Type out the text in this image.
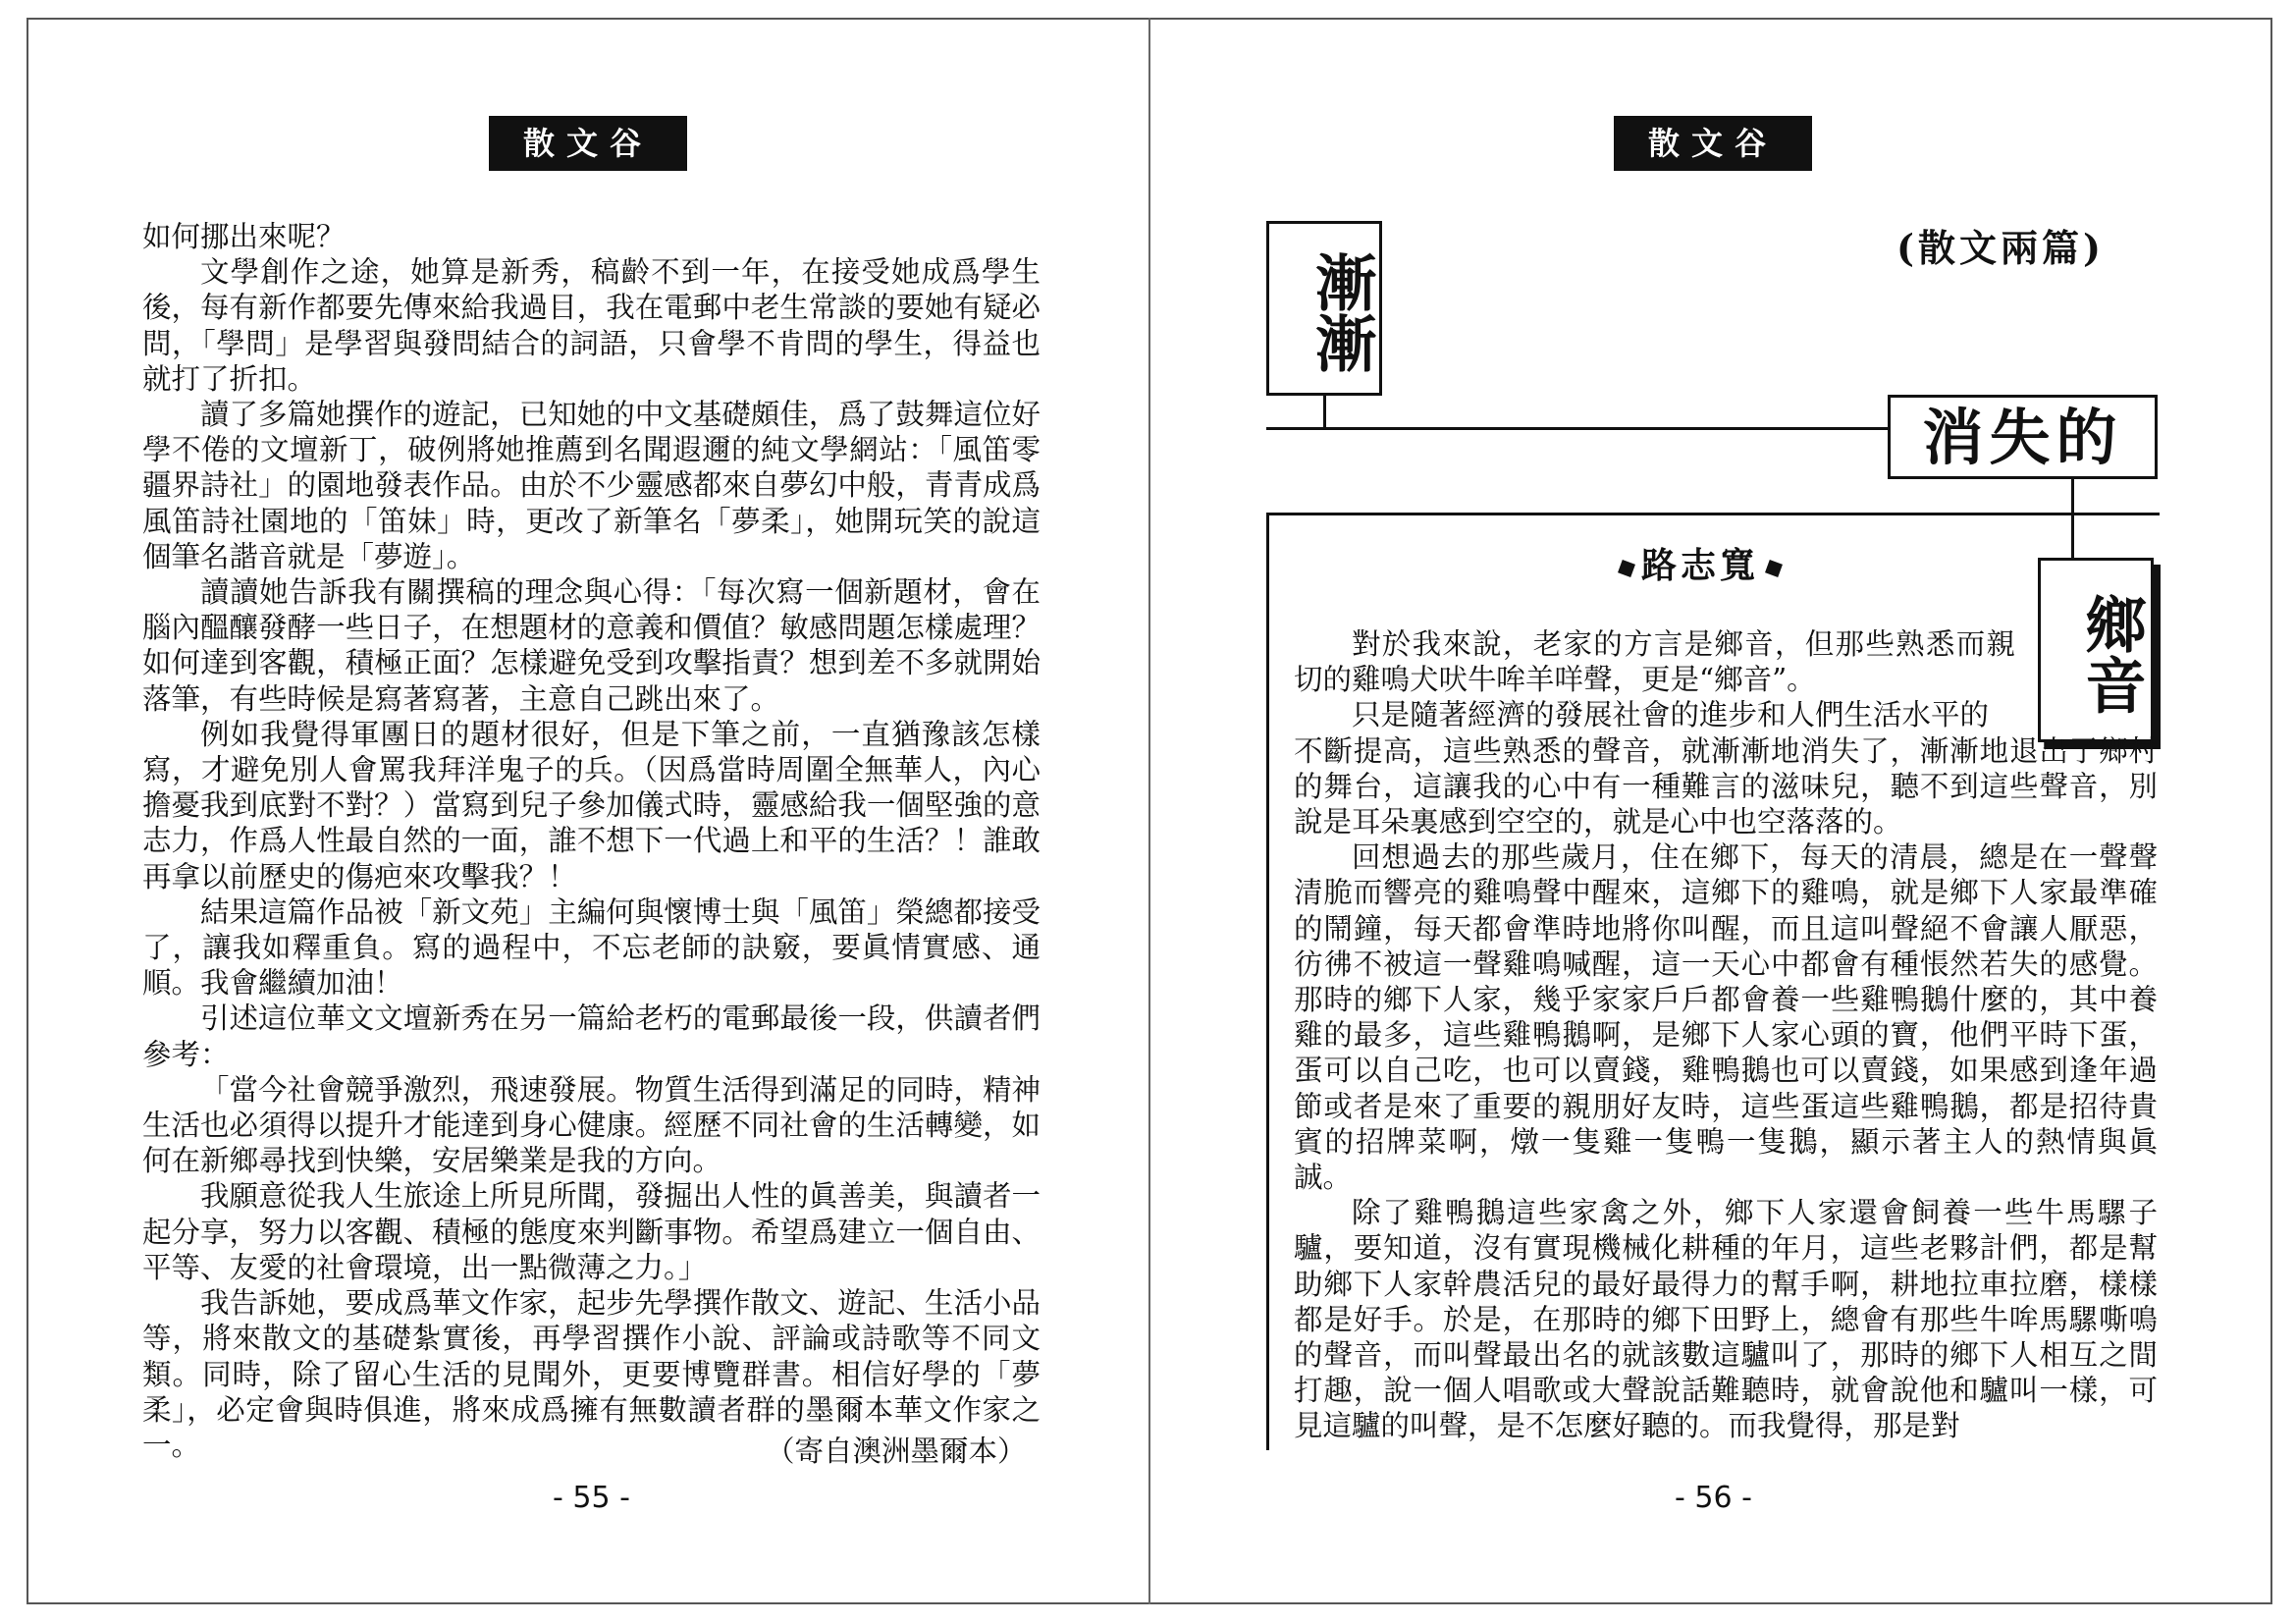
散文谷

如何挪出來呢？

文學創作之途，她算是新秀，稿齡不到一年，在接受她成爲學生後，每有新作都要先傳來給我過目，我在電郵中老生常談的要她有疑必問，「學問」是學習與發問結合的詞語，只會學不肯問的學生，得益也就打了折扣。

讀了多篇她撰作的遊記，已知她的中文基礎頗佳，爲了鼓舞這位好學不倦的文壇新丁，破例將她推薦到名聞遐邇的純文學網站：「風笛零疆界詩社」的園地發表作品。由於不少靈感都來自夢幻中般，青青成爲風笛詩社園地的「笛妹」時，更改了新筆名「夢柔」，她開玩笑的說這個筆名諧音就是「夢遊」。

讀讀她告訴我有關撰稿的理念與心得：「每次寫一個新題材，會在腦內醞釀發酵一些日子，在想題材的意義和價值？敏感問題怎樣處理？如何達到客觀，積極正面？怎樣避免受到攻擊指責？想到差不多就開始落筆，有些時候是寫著寫著，主意自己跳出來了。

例如我覺得軍團日的題材很好，但是下筆之前，一直猶豫該怎樣寫，才避免別人會罵我拜洋鬼子的兵。（因爲當時周圍全無華人，內心擔憂我到底對不對？）當寫到兒子參加儀式時，靈感給我一個堅強的意志力，作爲人性最自然的一面，誰不想下一代過上和平的生活？！誰敢再拿以前歷史的傷疤來攻擊我？！

結果這篇作品被「新文苑」主編何與懷博士與「風笛」榮總都接受了，讓我如釋重負。寫的過程中，不忘老師的訣竅，要眞情實感、通順。我會繼續加油！

引述這位華文文壇新秀在另一篇給老朽的電郵最後一段，供讀者們參考：

「當今社會競爭激烈，飛速發展。物質生活得到滿足的同時，精神生活也必須得以提升才能達到身心健康。經歷不同社會的生活轉變，如何在新鄉尋找到快樂，安居樂業是我的方向。

我願意從我人生旅途上所見所聞，發掘出人性的眞善美，與讀者一起分享，努力以客觀、積極的態度來判斷事物。希望爲建立一個自由、平等、友愛的社會環境，出一點微薄之力。」

我告訴她，要成爲華文作家，起步先學撰作散文、遊記、生活小品等，將來散文的基礎紮實後，再學習撰作小說、評論或詩歌等不同文類。同時，除了留心生活的見聞外，更要博覽群書。相信好學的「夢柔」，必定會與時俱進，將來成爲擁有無數讀者群的墨爾本華文作家之一。	（寄自澳洲墨爾本）
- 55 -
散文谷
(散文兩篇)
漸漸
消失的
鄉音
路志寬

對於我來說，老家的方言是鄉音，但那些熟悉而親切的雞鳴犬吠牛哞羊咩聲，更是“鄉音”。

只是隨著經濟的發展社會的進步和人們生活水平的

不斷提高，這些熟悉的聲音，就漸漸地消失了，漸漸地退出了鄉村的舞台，這讓我的心中有一種難言的滋味兒，聽不到這些聲音，別說是耳朵裏感到空空的，就是心中也空落落的。

回想過去的那些歲月，住在鄉下，每天的清晨，總是在一聲聲清脆而響亮的雞鳴聲中醒來，這鄉下的雞鳴，就是鄉下人家最準確的鬧鐘，每天都會準時地將你叫醒，而且這叫聲絕不會讓人厭惡，彷彿不被這一聲雞鳴喊醒，這一天心中都會有種悵然若失的感覺。那時的鄉下人家，幾乎家家戶戶都會養一些雞鴨鵝什麼的，其中養雞的最多，這些雞鴨鵝啊，是鄉下人家心頭的寶，他們平時下蛋，蛋可以自己吃，也可以賣錢，雞鴨鵝也可以賣錢，如果感到逢年過節或者是來了重要的親朋好友時，這些蛋這些雞鴨鵝，都是招待貴賓的招牌菜啊，燉一隻雞一隻鴨一隻鵝，顯示著主人的熱情與眞誠。

除了雞鴨鵝這些家禽之外，鄉下人家還會飼養一些牛馬騾子驢，要知道，沒有實現機械化耕種的年月，這些老夥計們，都是幫助鄉下人家幹農活兒的最好最得力的幫手啊，耕地拉車拉磨，樣樣都是好手。於是，在那時的鄉下田野上，總會有那些牛哞馬騾嘶鳴的聲音，而叫聲最出名的就該數這驢叫了，那時的鄉下人相互之間打趣，說一個人唱歌或大聲說話難聽時，就會說他和驢叫一樣，可見這驢的叫聲，是不怎麼好聽的。而我覺得，那是對

- 56 -
